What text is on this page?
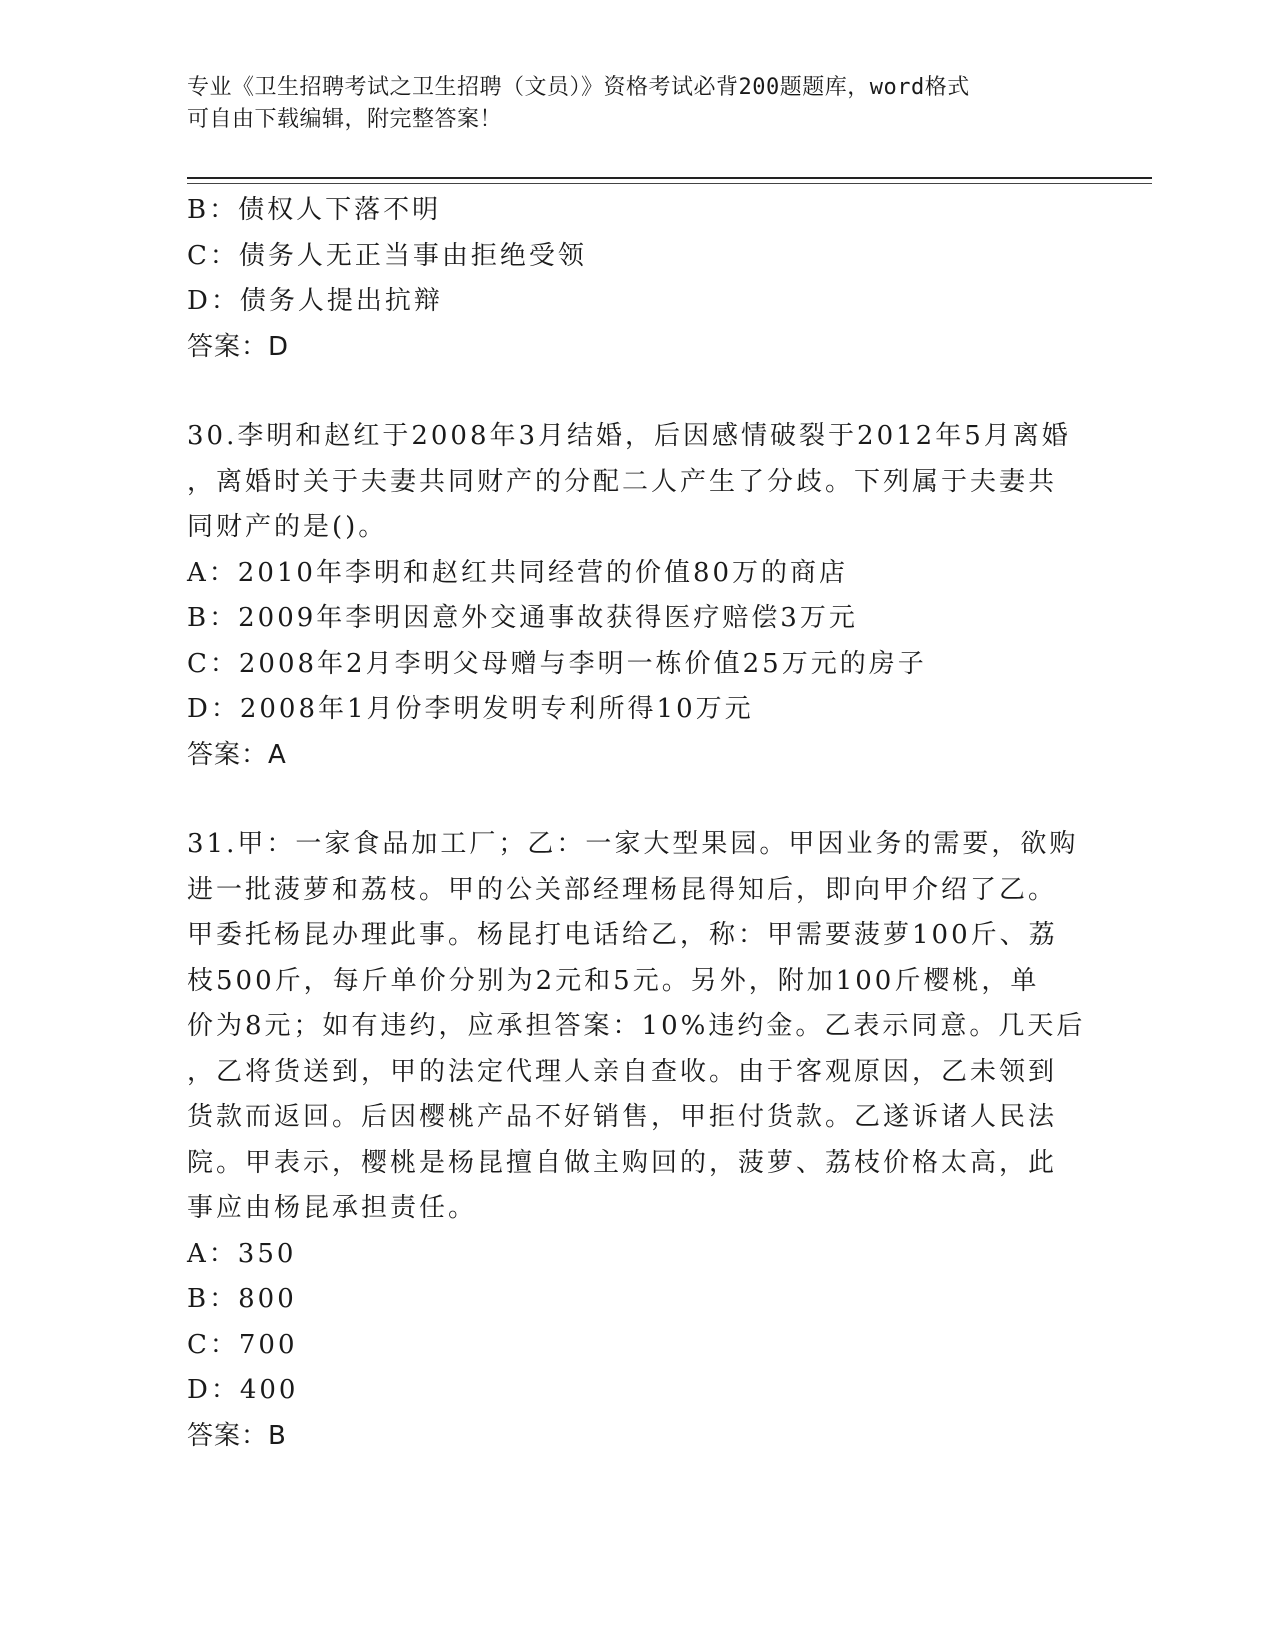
专业《卫生招聘考试之卫生招聘（文员）》资格考试必背200题题库，word格式
可自由下载编辑，附完整答案！
B：债权人下落不明
C：债务人无正当事由拒绝受领
D：债务人提出抗辩
答案：D
30.李明和赵红于2008年3月结婚，后因感情破裂于2012年5月离婚
，离婚时关于夫妻共同财产的分配二人产生了分歧。下列属于夫妻共
同财产的是()。
A：2010年李明和赵红共同经营的价值80万的商店
B：2009年李明因意外交通事故获得医疗赔偿3万元
C：2008年2月李明父母赠与李明一栋价值25万元的房子
D：2008年1月份李明发明专利所得10万元
答案：A
31.甲：一家食品加工厂；乙：一家大型果园。甲因业务的需要，欲购
进一批菠萝和荔枝。甲的公关部经理杨昆得知后，即向甲介绍了乙。
甲委托杨昆办理此事。杨昆打电话给乙，称：甲需要菠萝100斤、荔
枝500斤，每斤单价分别为2元和5元。另外，附加100斤樱桃，单
价为8元；如有违约，应承担答案：10%违约金。乙表示同意。几天后
，乙将货送到，甲的法定代理人亲自查收。由于客观原因，乙未领到
货款而返回。后因樱桃产品不好销售，甲拒付货款。乙遂诉诸人民法
院。甲表示，樱桃是杨昆擅自做主购回的，菠萝、荔枝价格太高，此
事应由杨昆承担责任。
A：350
B：800
C：700
D：400
答案：B
